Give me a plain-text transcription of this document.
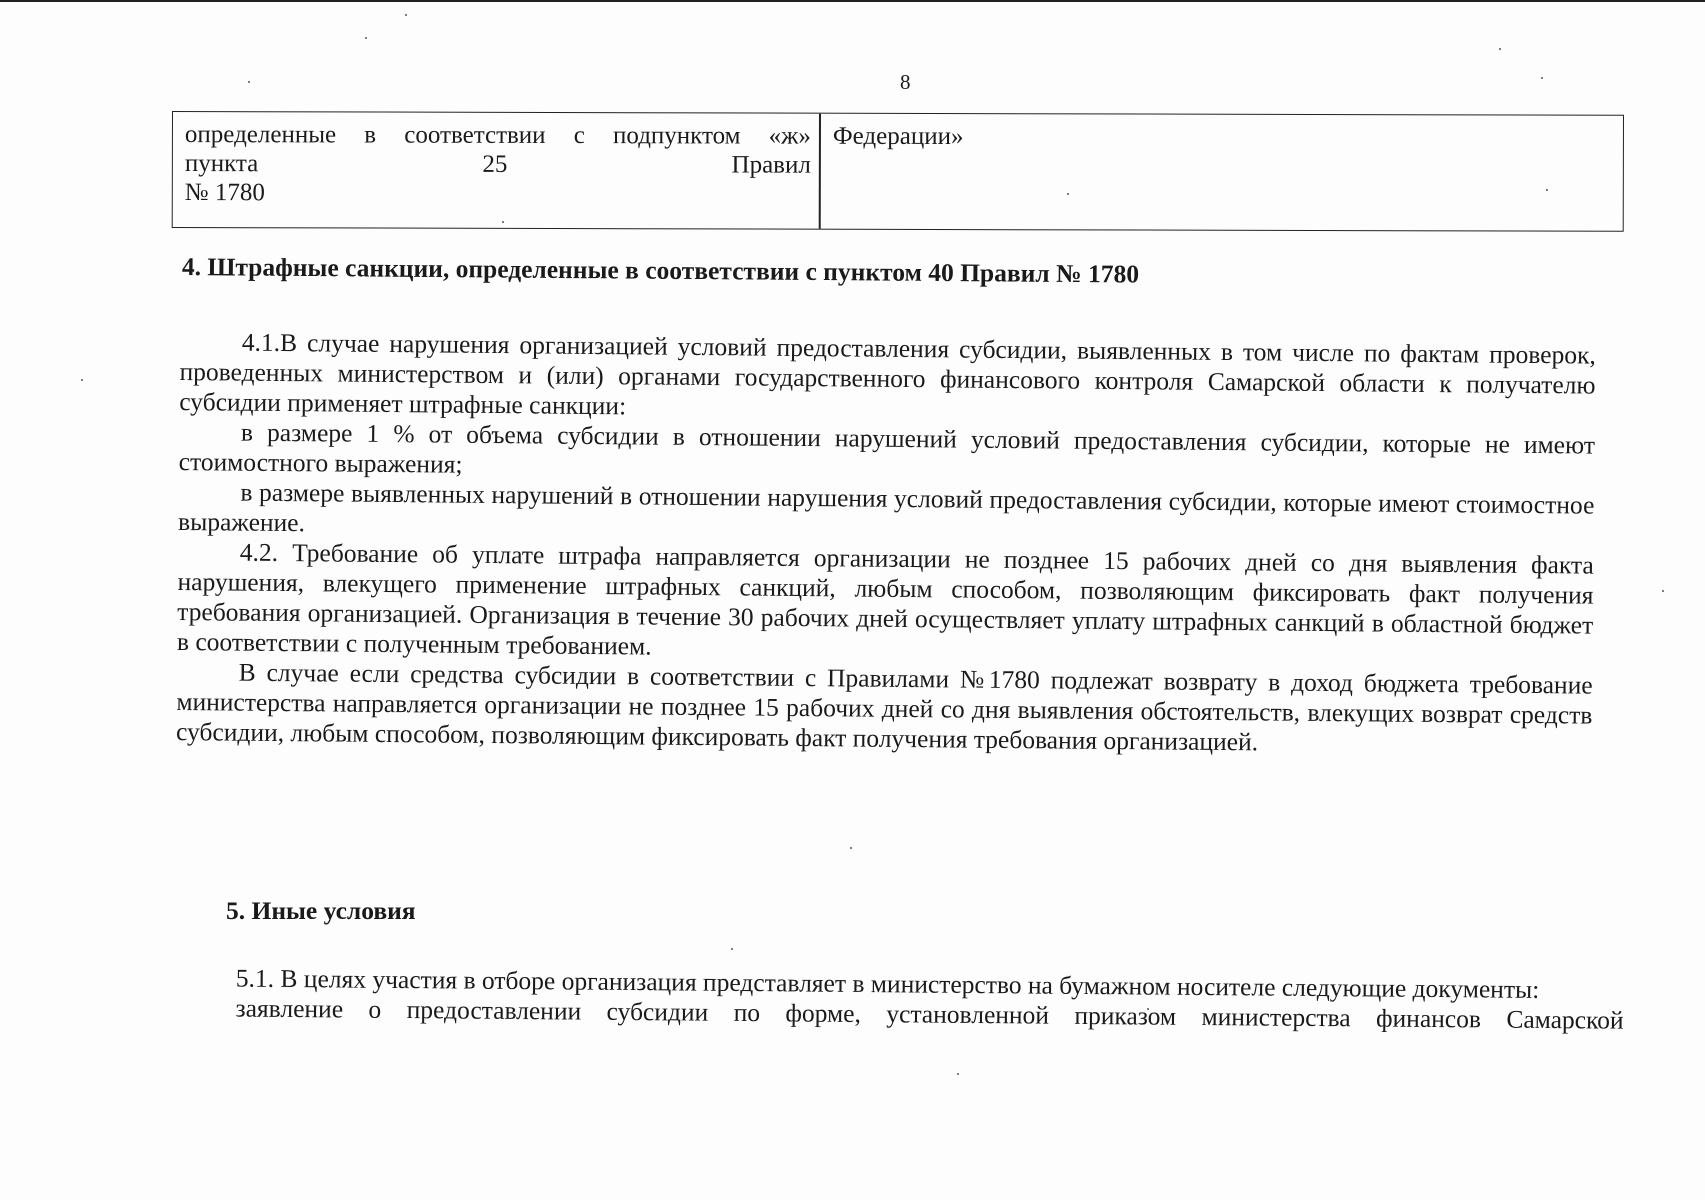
8
определенные в соответствии с подпунктом «ж»
пункта	25	Правил
№ 1780
Федерации»
4. Штрафные санкции, определенные в соответствии с пунктом 40 Правил № 1780

4.1.В случае нарушения организацией условий предоставления субсидии, выявленных в том числе по фактам проверок, проведенных министерством и (или) органами государственного финансового контроля Самарской области к получателю субсидии применяет штрафные санкции:

в размере 1 % от объема субсидии в отношении нарушений условий предоставления субсидии, которые не имеют стоимостного выражения;

в размере выявленных нарушений в отношении нарушения условий предоставления субсидии, которые имеют стоимостное выражение.

4.2. Требование об уплате штрафа направляется организации не позднее 15 рабочих дней со дня выявления факта нарушения, влекущего применение штрафных санкций, любым способом, позволяющим фиксировать факт получения требования организацией. Организация в течение 30 рабочих дней осуществляет уплату штрафных санкций в областной бюджет в соответствии с полученным требованием.

В случае если средства субсидии в соответствии с Правилами №1780 подлежат возврату в доход бюджета требование министерства направляется организации не позднее 15 рабочих дней со дня выявления обстоятельств, влекущих возврат средств субсидии, любым способом, позволяющим фиксировать факт получения требования организацией.

5. Иные условия

5.1. В целях участия в отборе организация представляет в министерство на бумажном носителе следующие документы:

заявление о предоставлении субсидии по форме, установленной приказом министерства финансов Самарской
